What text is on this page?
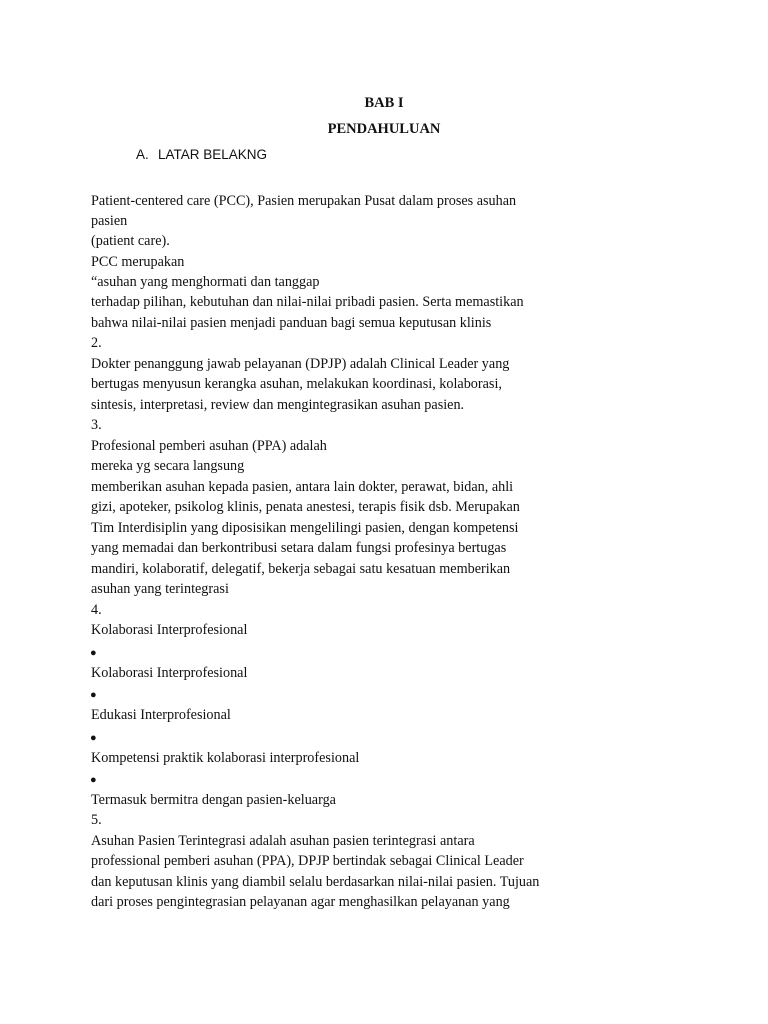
BAB I
PENDAHULUAN
A. LATAR BELAKNG
Patient-centered care (PCC), Pasien merupakan Pusat dalam proses asuhan
pasien
(patient care).
PCC merupakan
“asuhan yang menghormati dan tanggap
terhadap pilihan, kebutuhan dan nilai-nilai pribadi pasien. Serta memastikan
bahwa nilai-nilai pasien menjadi panduan bagi semua keputusan klinis
2.
Dokter penanggung jawab pelayanan (DPJP) adalah Clinical Leader yang
bertugas menyusun kerangka asuhan, melakukan koordinasi, kolaborasi,
sintesis, interpretasi, review dan mengintegrasikan asuhan pasien.
3.
Profesional pemberi asuhan (PPA) adalah
mereka yg secara langsung
memberikan asuhan kepada pasien, antara lain dokter, perawat, bidan, ahli
gizi, apoteker, psikolog klinis, penata anestesi, terapis fisik dsb. Merupakan
Tim Interdisiplin yang diposisikan mengelilingi pasien, dengan kompetensi
yang memadai dan berkontribusi setara dalam fungsi profesinya bertugas
mandiri, kolaboratif, delegatif, bekerja sebagai satu kesatuan memberikan
asuhan yang terintegrasi
4.
Kolaborasi Interprofesional
●
Kolaborasi Interprofesional
●
Edukasi Interprofesional
●
Kompetensi praktik kolaborasi interprofesional
●
Termasuk bermitra dengan pasien-keluarga
5.
Asuhan Pasien Terintegrasi adalah asuhan pasien terintegrasi antara
professional pemberi asuhan (PPA), DPJP bertindak sebagai Clinical Leader
dan keputusan klinis yang diambil selalu berdasarkan nilai-nilai pasien. Tujuan
dari proses pengintegrasian pelayanan agar menghasilkan pelayanan yang
